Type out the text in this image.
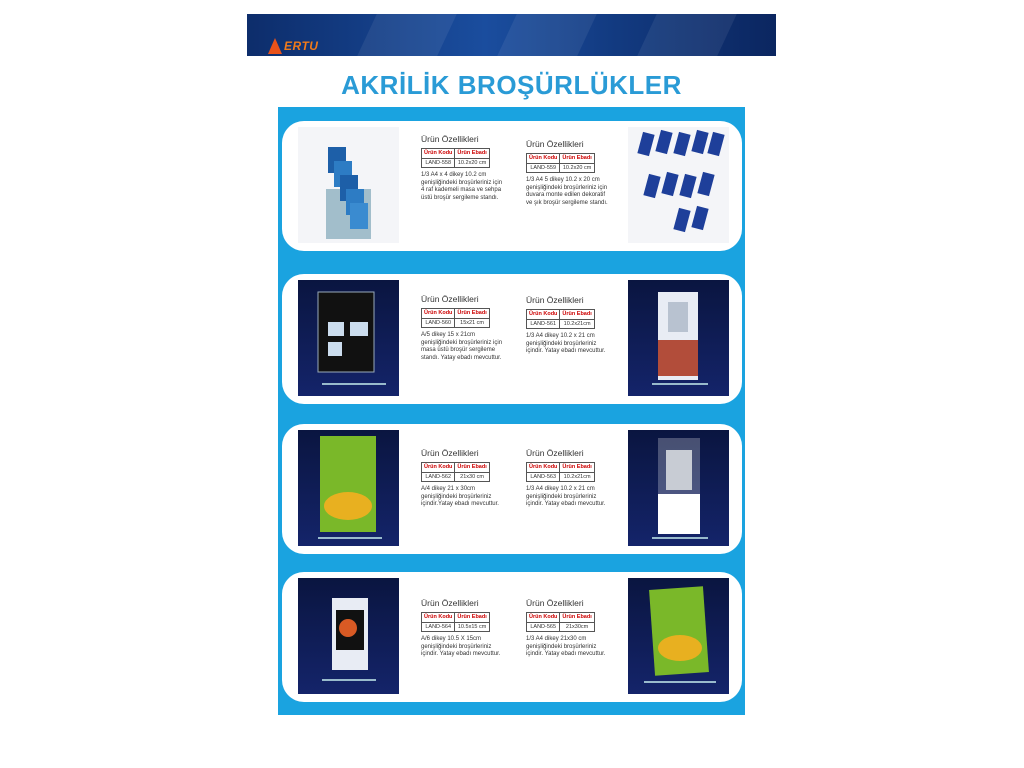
ERTU
AKRİLİK BROŞÜRLÜKLER
Ürün Özellikleri
Ürün Kodu	Ürün Ebadı
LAND-558	10.2x20 cm
1/3 A4 x 4 dikey 10.2 cm genişliğindeki broşürleriniz için 4 raf kademeli masa ve sehpa üstü broşür sergileme standı.
Ürün Özellikleri
Ürün Kodu	Ürün Ebadı
LAND-559	10.2x20 cm
1/3 A4 5 dikey 10.2 x 20 cm genişliğindeki broşürleriniz için duvara monte edilen dekoratif ve şık broşür sergileme standı.
Ürün Özellikleri
Ürün Kodu	Ürün Ebadı
LAND-560	15x21 cm
A/5 dikey 15 x 21cm genişliğindeki broşürleriniz için masa üstü broşür sergileme standı. Yatay ebadı mevcuttur.
Ürün Özellikleri
Ürün Kodu	Ürün Ebadı
LAND-561	10.2x21cm
1/3 A4 dikey 10.2 x 21 cm genişliğindeki broşürleriniz içindir. Yatay ebadı mevcuttur.
Ürün Özellikleri
Ürün Kodu	Ürün Ebadı
LAND-562	21x30 cm
A/4 dikey 21 x 30cm genişliğindeki broşürleriniz içindir.Yatay ebadı mevcuttur.
Ürün Özellikleri
Ürün Kodu	Ürün Ebadı
LAND-563	10.2x21cm
1/3 A4 dikey 10.2 x 21 cm genişliğindeki broşürleriniz içindir. Yatay ebadı mevcuttur.
Ürün Özellikleri
Ürün Kodu	Ürün Ebadı
LAND-564	10.5x15 cm
A/6 dikey 10.5 X 15cm genişliğindeki broşürleriniz içindir. Yatay ebadı mevcuttur.
Ürün Özellikleri
Ürün Kodu	Ürün Ebadı
LAND-565	21x30cm
1/3 A4 dikey 21x30 cm genişliğindeki broşürleriniz içindir. Yatay ebadı mevcuttur.
